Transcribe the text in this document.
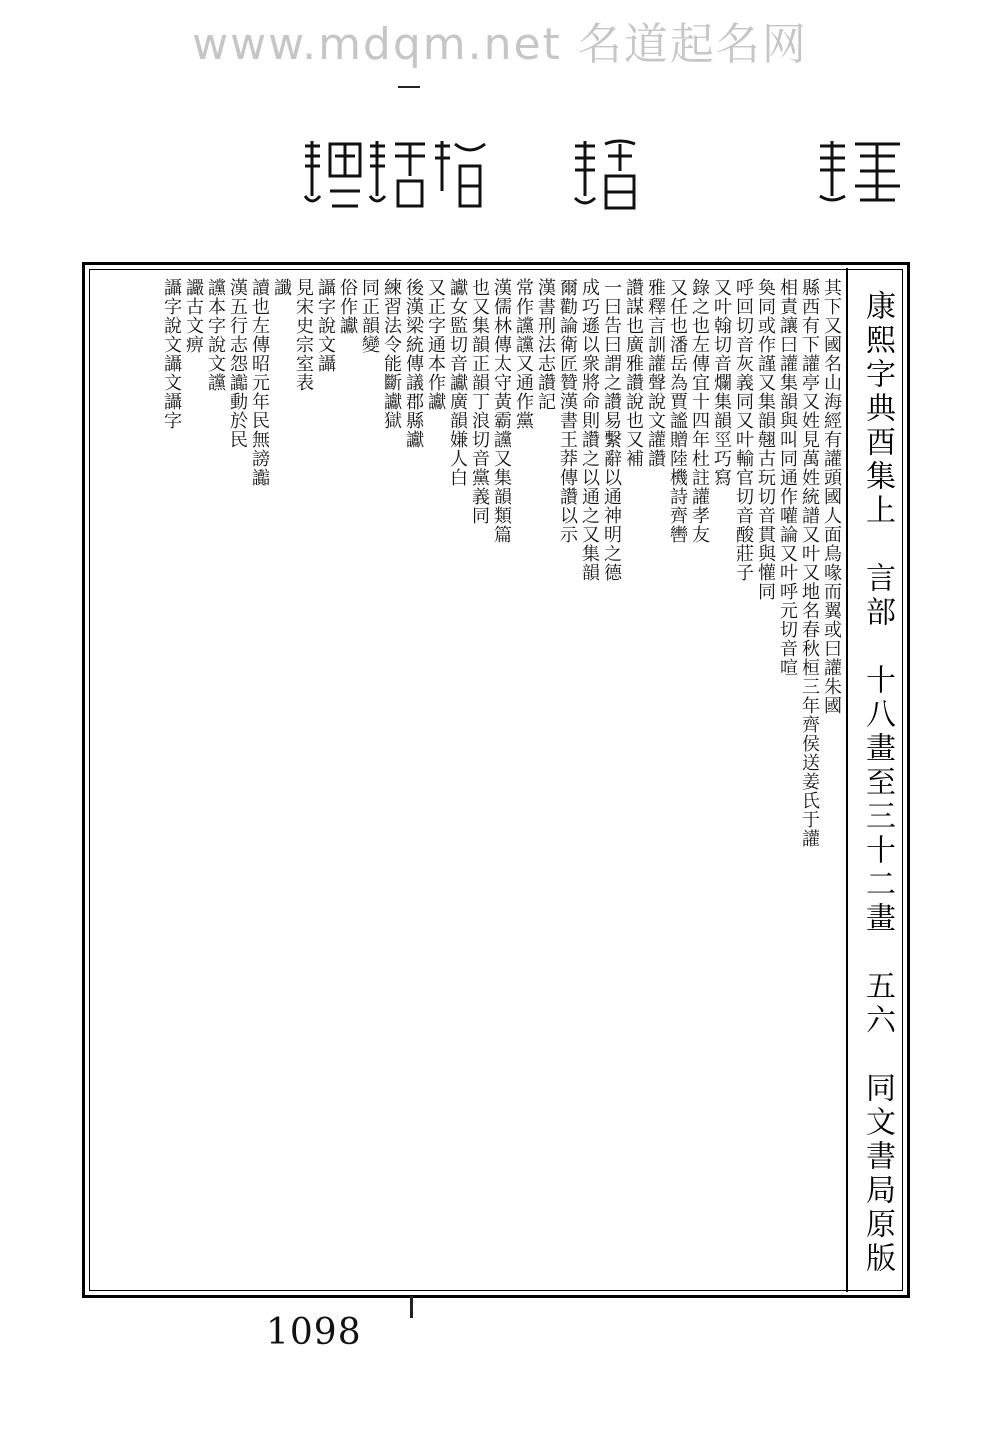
www.mdqm.net 名道起名网
康熙字典酉集上　言部　十八畫至三十二畫　五六　同文書局原版
其下又國名山海經有讙頭國人面鳥喙而翼或曰讙朱國
縣西有下讙亭又姓見萬姓統譜又叶又地名春秋桓三年齊侯送姜氏于讙
相責讓曰讙集韻與叫同通作嚾論又叶呼元切音喧
奐同或作謹又集韻翹古玩切音貫與懽同
呼回切音灰義同又叶輸官切音酸莊子
又叶翰切音爛集韻巠巧寫
錄之也左傳宜十四年杜註讙孝友
又任也潘岳為賈謐贈陸機詩齊轡
雅釋言訓讙聲說文讙讚
讚謀也廣雅讚說也又補
一曰告曰謂之讚易繫辭以通神明之德
成巧遜以衆將命則讚之以通之又集韻
爾勸論衛匠贊漢書王莽傳讚以示
漢書刑法志讚記
常作讜讜又通作黨
漢儒林傳太守黃霸讜又集韻類篇
也又集韻正韻丁浪切音黨義同
讞女監切音讞廣韻嫌人白
又正字通本作讞
後漢梁統傳議郡縣讞
練習法令能斷讞獄
同正韻變
俗作讞
讘字說文讘
見宋史宗室表
讖
讀也左傳昭元年民無謗讟
漢五行志怨讟動於民
讜本字說文讜
讝古文痹
讘字說文讘文讘字
1098
